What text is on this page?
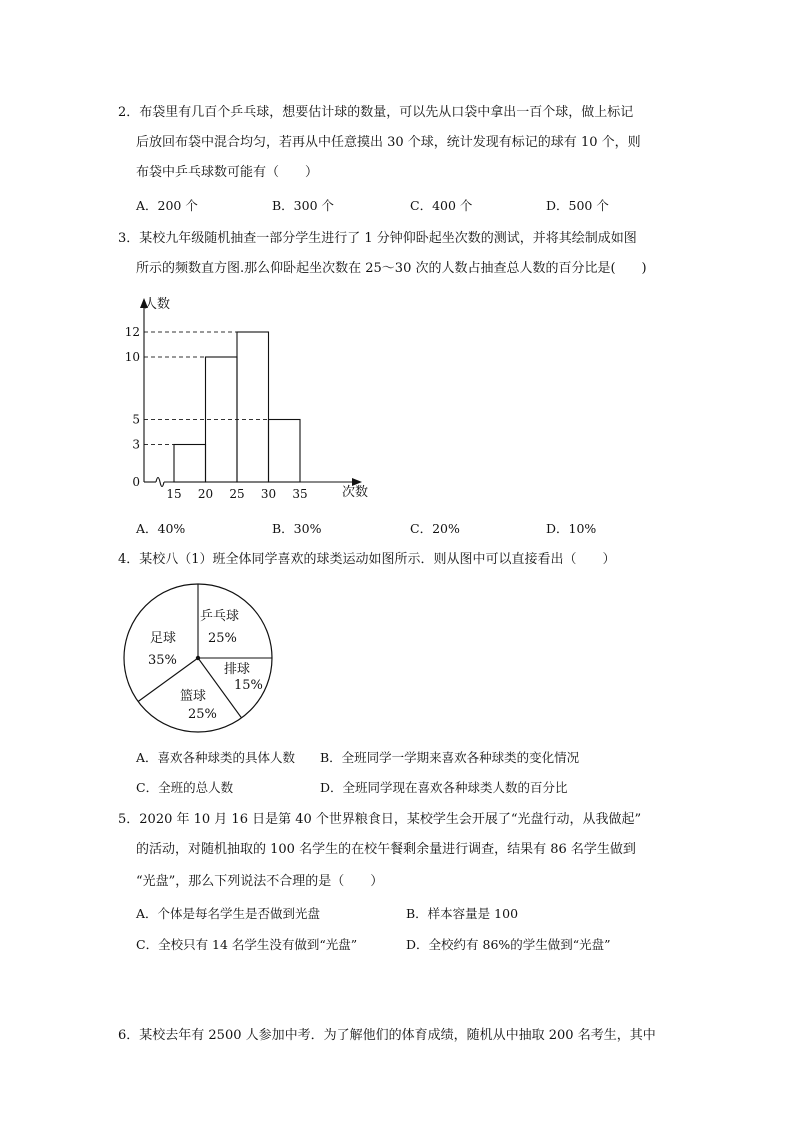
2．布袋里有几百个乒乓球，想要估计球的数量，可以先从口袋中拿出一百个球，做上标记
后放回布袋中混合均匀，若再从中任意摸出 30 个球，统计发现有标记的球有 10 个，则
布袋中乒乓球数可能有（　　）
A．200 个	B．300 个	C．400 个	D．500 个
3．某校九年级随机抽查一部分学生进行了 1 分钟仰卧起坐次数的测试，并将其绘制成如图
所示的频数直方图.那么仰卧起坐次数在 25～30 次的人数占抽查总人数的百分比是(　　)
0
3
5
10
12
15 20 25 30 35
人数
次数
A．40%	B．30%	C．20%	D．10%
4．某校八（1）班全体同学喜欢的球类运动如图所示．则从图中可以直接看出（　　）
乒乓球
25%
排球
15%
篮球
25%
足球
35%
A．喜欢各种球类的具体人数 B．全班同学一学期来喜欢各种球类的变化情况
C．全班的总人数	D．全班同学现在喜欢各种球类人数的百分比
5．2020 年 10 月 16 日是第 40 个世界粮食日，某校学生会开展了“光盘行动，从我做起”
的活动，对随机抽取的 100 名学生的在校午餐剩余量进行调查，结果有 86 名学生做到
“光盘”，那么下列说法不合理的是（　　）
A．个体是每名学生是否做到光盘	B．样本容量是 100
C．全校只有 14 名学生没有做到“光盘”	D．全校约有 86%的学生做到“光盘”
6．某校去年有 2500 人参加中考．为了解他们的体育成绩，随机从中抽取 200 名考生，其中
